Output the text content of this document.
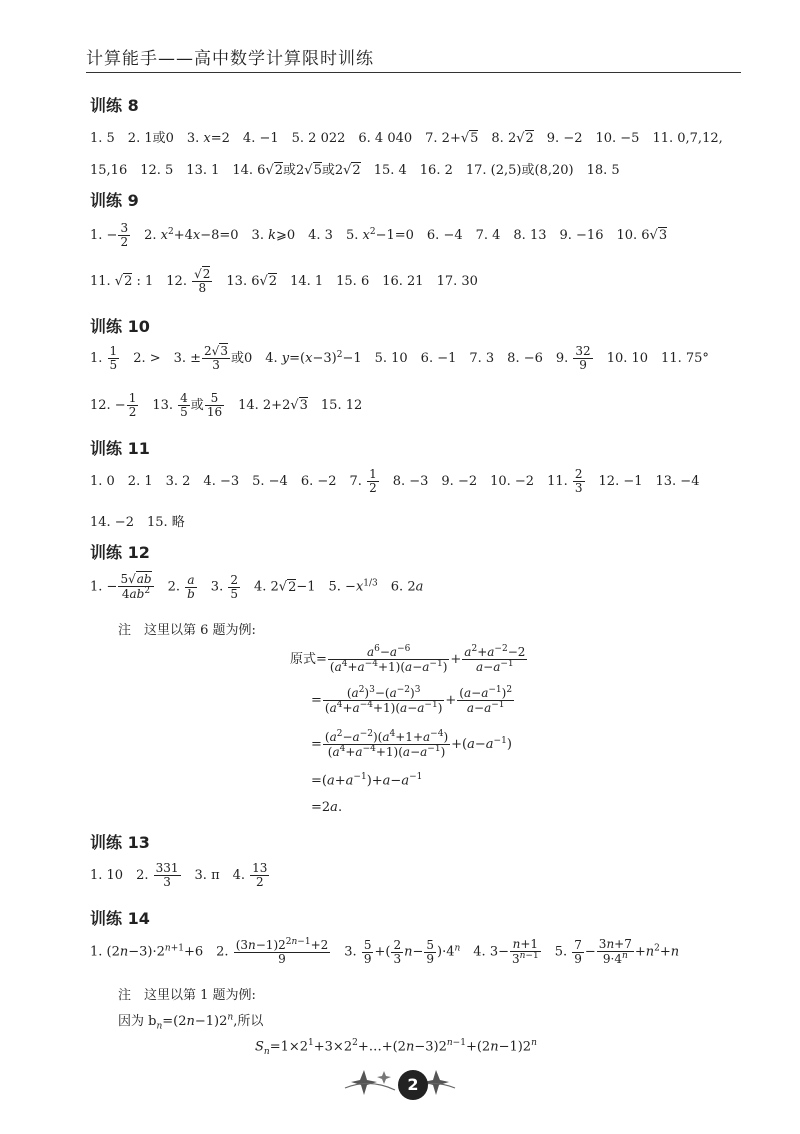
计算能手——高中数学计算限时训练
训练 8
1. 5　2. 1或0　3. x=2　4. −1　5. 2 022　6. 4 040　7. 2+√5　8. 2√2　9. −2　10. −5　11. 0,7,12,
15,16　12. 5　13. 1　14. 6√2或2√5或2√2　15. 4　16. 2　17. (2,5)或(8,20)　18. 5
训练 9
1. − $\frac{3}{2}$ 　2. $x^2+4x-8=0$　3. k⩾0　4. 3　5. $x^2-1=0$　6. −4　7. 4　8. 13　9. −16　10. 6√3
11. √2 : 1　12. $\frac{√2}{8}$ 　13. 6√2　14. 1　15. 6　16. 21　17. 30
训练 10
1. $\frac{1}{5}$ 　2. >　3. ± $\frac{2√3}{3}$ 或0　4. $y=(x-3)^2-1$　5. 10　6. −1　7. 3　8. −6　9. $\frac{32}{9}$ 　10. 10　11. 75°
12. − $\frac{1}{2}$ 　13. $\frac{4}{5}$ 或 $\frac{5}{16}$ 　14. 2+2√3　15. 12
训练 11
1. 0　2. 1　3. 2　4. −3　5. −4　6. −2　7. $\frac{1}{2}$ 　8. −3　9. −2　10. −2　11. $\frac{2}{3}$ 　12. −1　13. −4
14. −2　15. 略
训练 12
1. − $\frac{5√ab}{4ab^2}$ 　2. $\frac{a}{b}$ 　3. $\frac{2}{5}$ 　4. 2√2−1　5. $-x^{1/3}$　6. 2a
注　这里以第 6 题为例:
原式= $\frac{a^6-a^{-6}}{(a^4+a^{-4}+1)(a-a^{-1})} + \frac{a^2+a^{-2}-2}{a-a^{-1}}$
= $\frac{(a^2)^3-(a^{-2})^3}{(a^4+a^{-4}+1)(a-a^{-1})} + \frac{(a-a^{-1})^2}{a-a^{-1}}$
= $\frac{(a^2-a^{-2})(a^4+1+a^{-4})}{(a^4+a^{-4}+1)(a-a^{-1})} +(a-a^{-1})$
$=(a+a^{-1})+a-a^{-1}$
=2a.
训练 13
1. 10　2. $\frac{331}{3}$ 　3. π　4. $\frac{13}{2}$
训练 14
1. $(2n-3)\cdot 2^{n+1}+6$　2. $\frac{(3n-1)2^{2n-1}+2}{9}$ 　3. $\frac{5}{9}$ +( $\frac{2}{3} n- \frac{5}{9} )\cdot 4^n$　4. $3- \frac{n+1}{3^{n-1}}$ 　5. $\frac{7}{9} - \frac{3n+7}{9\cdot 4^n} +n^2+n$
注　这里以第 1 题为例:
因为 $b_n=(2n-1)2^n$,所以
$S_n=1\times 2^1+3\times 2^2+\dots+(2n-3)2^{n-1}+(2n-1)2^n$
2
